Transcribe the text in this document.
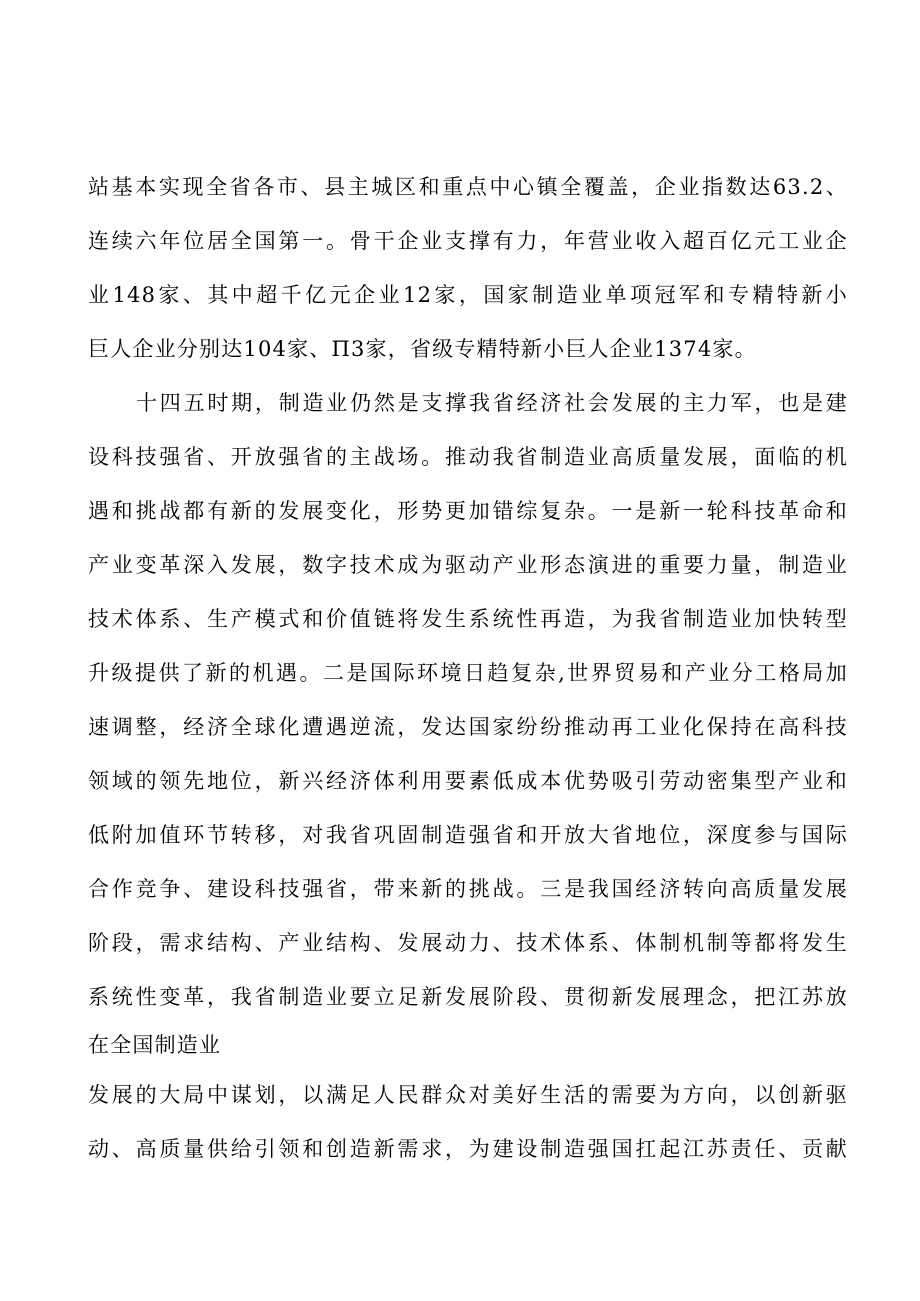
站基本实现全省各市、县主城区和重点中心镇全覆盖，企业指数达63.2、
连续六年位居全国第一。骨干企业支撑有力，年营业收入超百亿元工业企
业148家、其中超千亿元企业12家，国家制造业单项冠军和专精特新小
巨人企业分别达104家、Π3家，省级专精特新小巨人企业1374家。
十四五时期，制造业仍然是支撑我省经济社会发展的主力军，也是建
设科技强省、开放强省的主战场。推动我省制造业高质量发展，面临的机
遇和挑战都有新的发展变化，形势更加错综复杂。一是新一轮科技革命和
产业变革深入发展，数字技术成为驱动产业形态演进的重要力量，制造业
技术体系、生产模式和价值链将发生系统性再造，为我省制造业加快转型
升级提供了新的机遇。二是国际环境日趋复杂,世界贸易和产业分工格局加
速调整，经济全球化遭遇逆流，发达国家纷纷推动再工业化保持在高科技
领域的领先地位，新兴经济体利用要素低成本优势吸引劳动密集型产业和
低附加值环节转移，对我省巩固制造强省和开放大省地位，深度参与国际
合作竞争、建设科技强省，带来新的挑战。三是我国经济转向高质量发展
阶段，需求结构、产业结构、发展动力、技术体系、体制机制等都将发生
系统性变革，我省制造业要立足新发展阶段、贯彻新发展理念，把江苏放
在全国制造业
发展的大局中谋划，以满足人民群众对美好生活的需要为方向，以创新驱
动、高质量供给引领和创造新需求，为建设制造强国扛起江苏责任、贡献
